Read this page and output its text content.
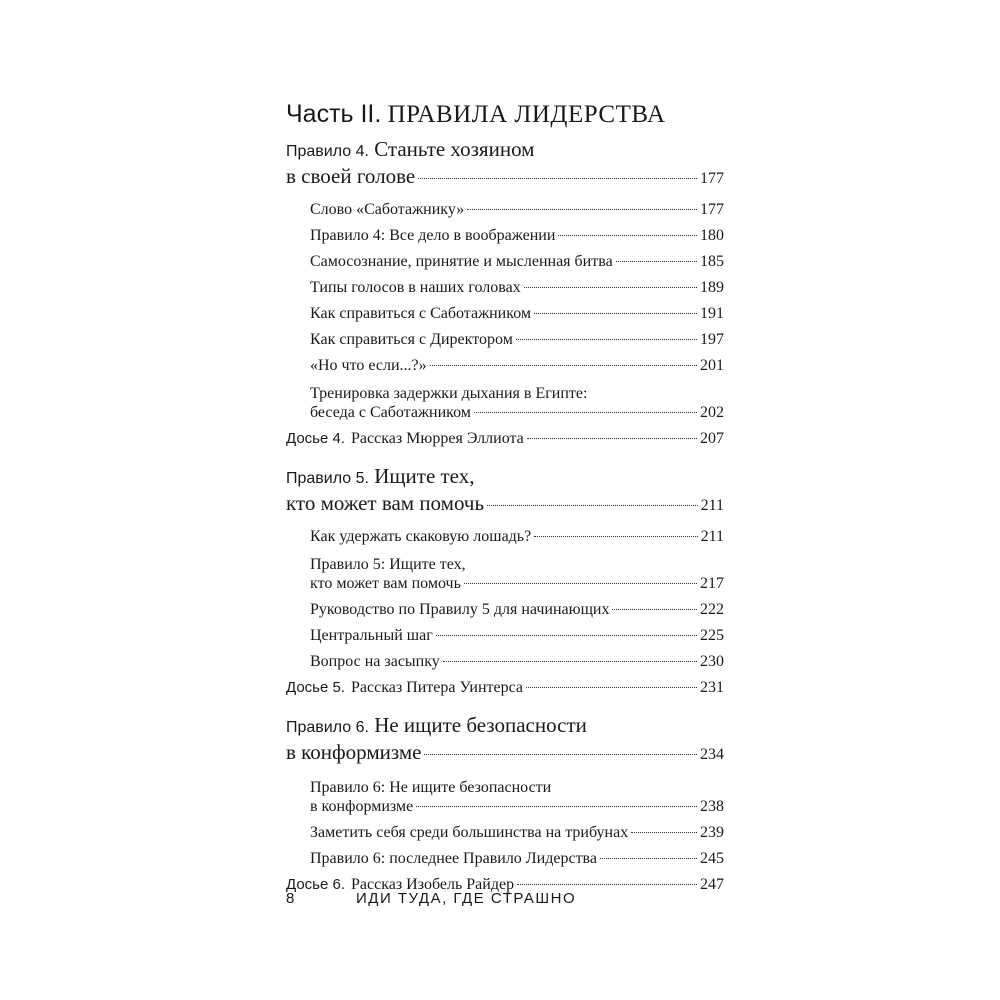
Часть II. ПРАВИЛА ЛИДЕРСТВА
Правило 4. Станьте хозяином
в своей голове	177
Слово «Саботажнику»	177
Правило 4: Все дело в воображении	180
Самосознание, принятие и мысленная битва	185
Типы голосов в наших головах	189
Как справиться с Саботажником	191
Как справиться с Директором	197
«Но что если...?»	201
Тренировка задержки дыхания в Египте:
беседа с Саботажником	202
Досье 4. Рассказ Мюррея Эллиота	207
Правило 5. Ищите тех,
кто может вам помочь	211
Как удержать скаковую лошадь?	211
Правило 5: Ищите тех,
кто может вам помочь	217
Руководство по Правилу 5 для начинающих	222
Центральный шаг	225
Вопрос на засыпку	230
Досье 5. Рассказ Питера Уинтерса	231
Правило 6. Не ищите безопасности
в конформизме	234
Правило 6: Не ищите безопасности
в конформизме	238
Заметить себя среди большинства на трибунах	239
Правило 6: последнее Правило Лидерства	245
Досье 6. Рассказ Изобель Райдер	247
8	ИДИ ТУДА, ГДЕ СТРАШНО
